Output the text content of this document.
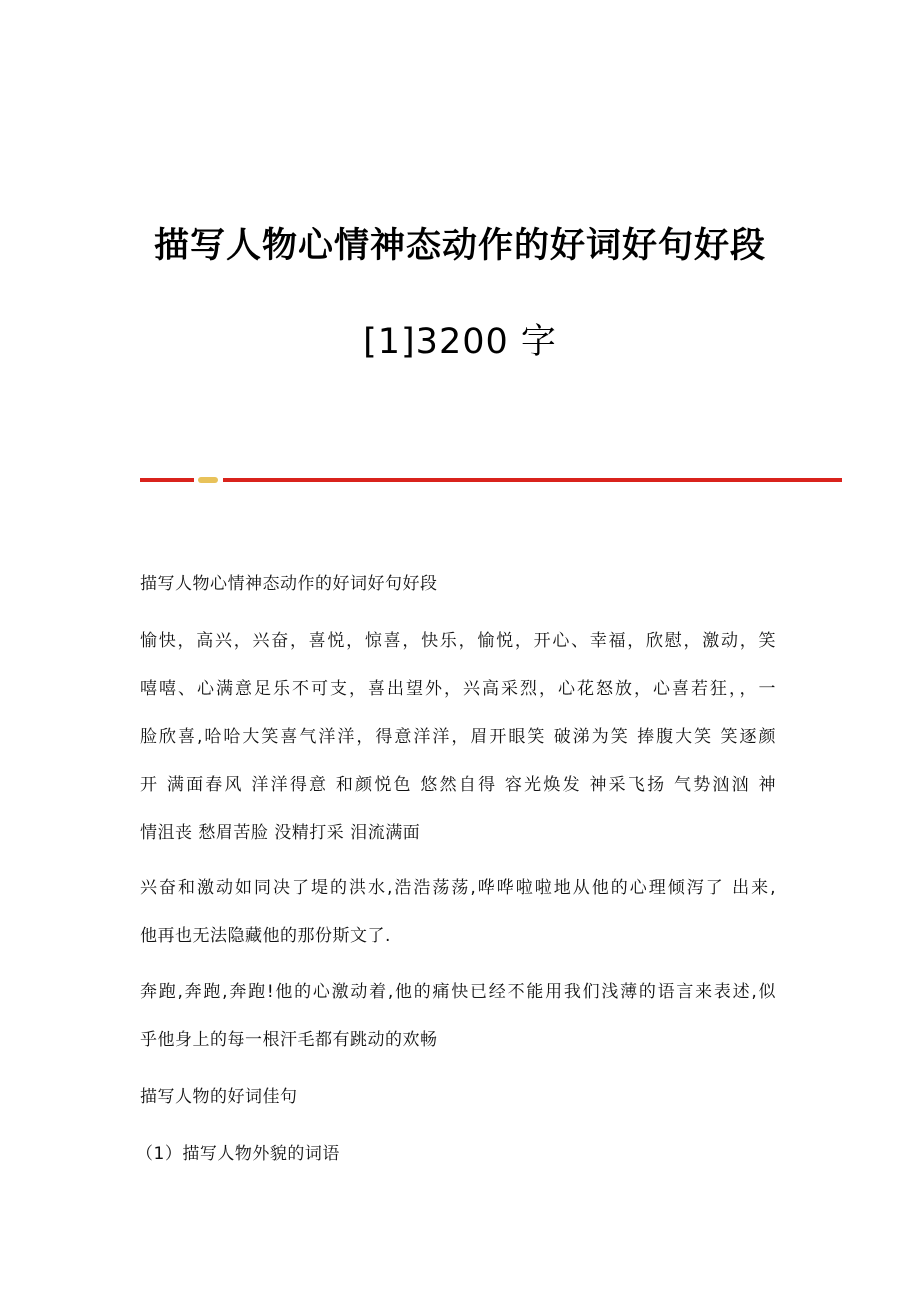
描写人物心情神态动作的好词好句好段
[1]3200 字
描写人物心情神态动作的好词好句好段
愉快，高兴，兴奋，喜悦，惊喜，快乐，愉悦，开心、幸福，欣慰，激动，笑
嘻嘻、心满意足乐不可支，喜出望外，兴高采烈，心花怒放，心喜若狂，，一
脸欣喜,哈哈大笑喜气洋洋，得意洋洋，眉开眼笑 破涕为笑 捧腹大笑 笑逐颜
开 满面春风 洋洋得意 和颜悦色 悠然自得 容光焕发 神采飞扬 气势汹汹 神
情沮丧 愁眉苦脸 没精打采 泪流满面
兴奋和激动如同决了堤的洪水,浩浩荡荡,哗哗啦啦地从他的心理倾泻了 出来,
他再也无法隐藏他的那份斯文了.
奔跑,奔跑,奔跑!他的心激动着,他的痛快已经不能用我们浅薄的语言来表述,似
乎他身上的每一根汗毛都有跳动的欢畅
描写人物的好词佳句
（1）描写人物外貌的词语
